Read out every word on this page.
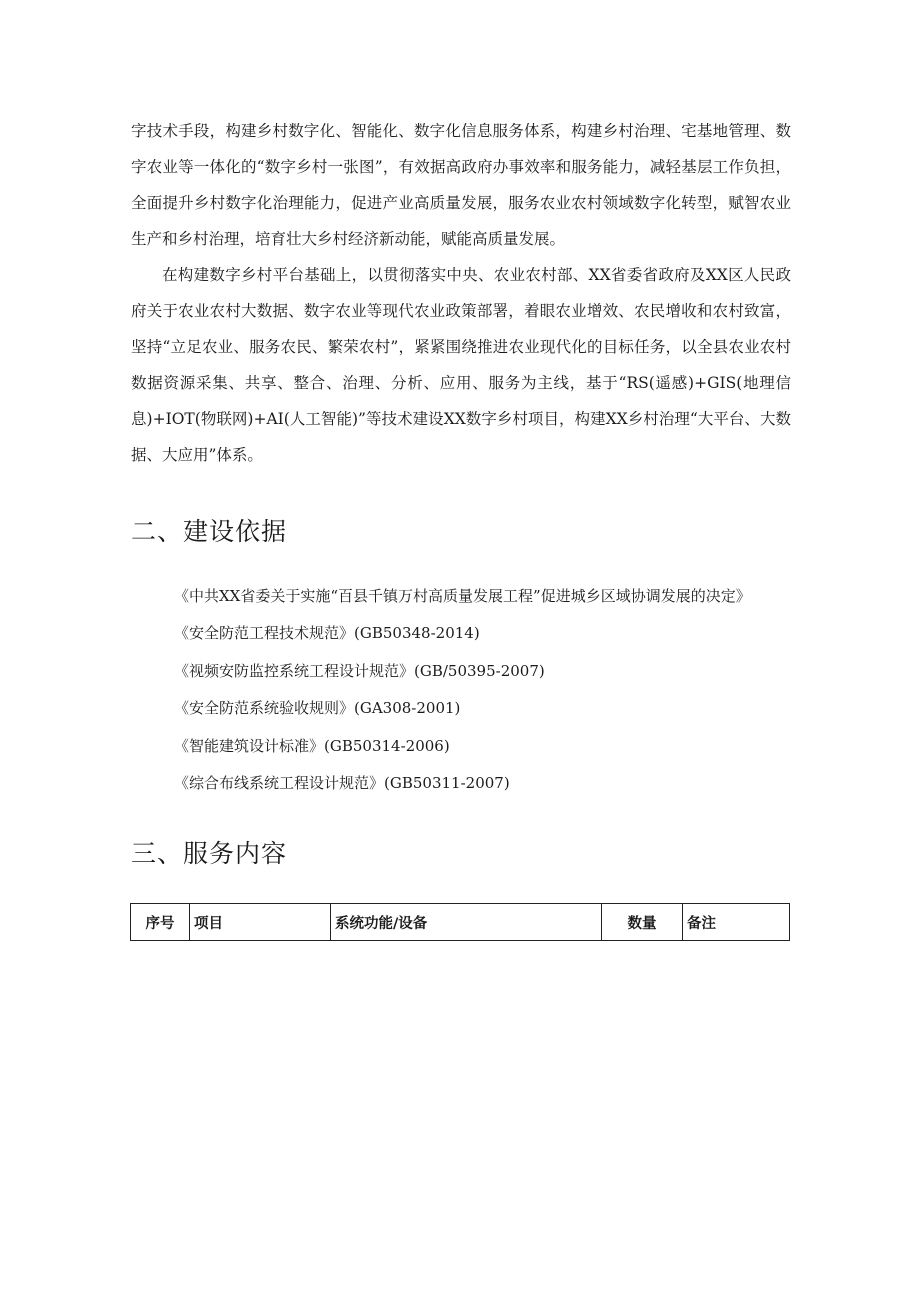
字技术手段，构建乡村数字化、智能化、数字化信息服务体系，构建乡村治理、宅基地管理、数字农业等一体化的“数字乡村一张图”，有效据高政府办事效率和服务能力，减轻基层工作负担，全面提升乡村数字化治理能力，促进产业高质量发展，服务农业农村领域数字化转型，赋智农业生产和乡村治理，培育壮大乡村经济新动能，赋能高质量发展。

在构建数字乡村平台基础上，以贯彻落实中央、农业农村部、XX省委省政府及XX区人民政府关于农业农村大数据、数字农业等现代农业政策部署，着眼农业增效、农民增收和农村致富，坚持“立足农业、服务农民、繁荣农村”，紧紧围绕推进农业现代化的目标任务，以全县农业农村数据资源采集、共享、整合、治理、分析、应用、服务为主线，基于“RS(遥感)+GIS(地理信息)+IOT(物联网)+AI(人工智能)”等技术建设XX数字乡村项目，构建XX乡村治理“大平台、大数据、大应用”体系。

二、建设依据
《中共XX省委关于实施“百县千镇万村高质量发展工程”促进城乡区域协调发展的决定》
《安全防范工程技术规范》(GB50348-2014)
《视频安防监控系统工程设计规范》(GB/50395-2007)
《安全防范系统验收规则》(GA308-2001)
《智能建筑设计标准》(GB50314-2006)
《综合布线系统工程设计规范》(GB50311-2007)
三、服务内容
序号	项目	系统功能/设备	数量	备注
